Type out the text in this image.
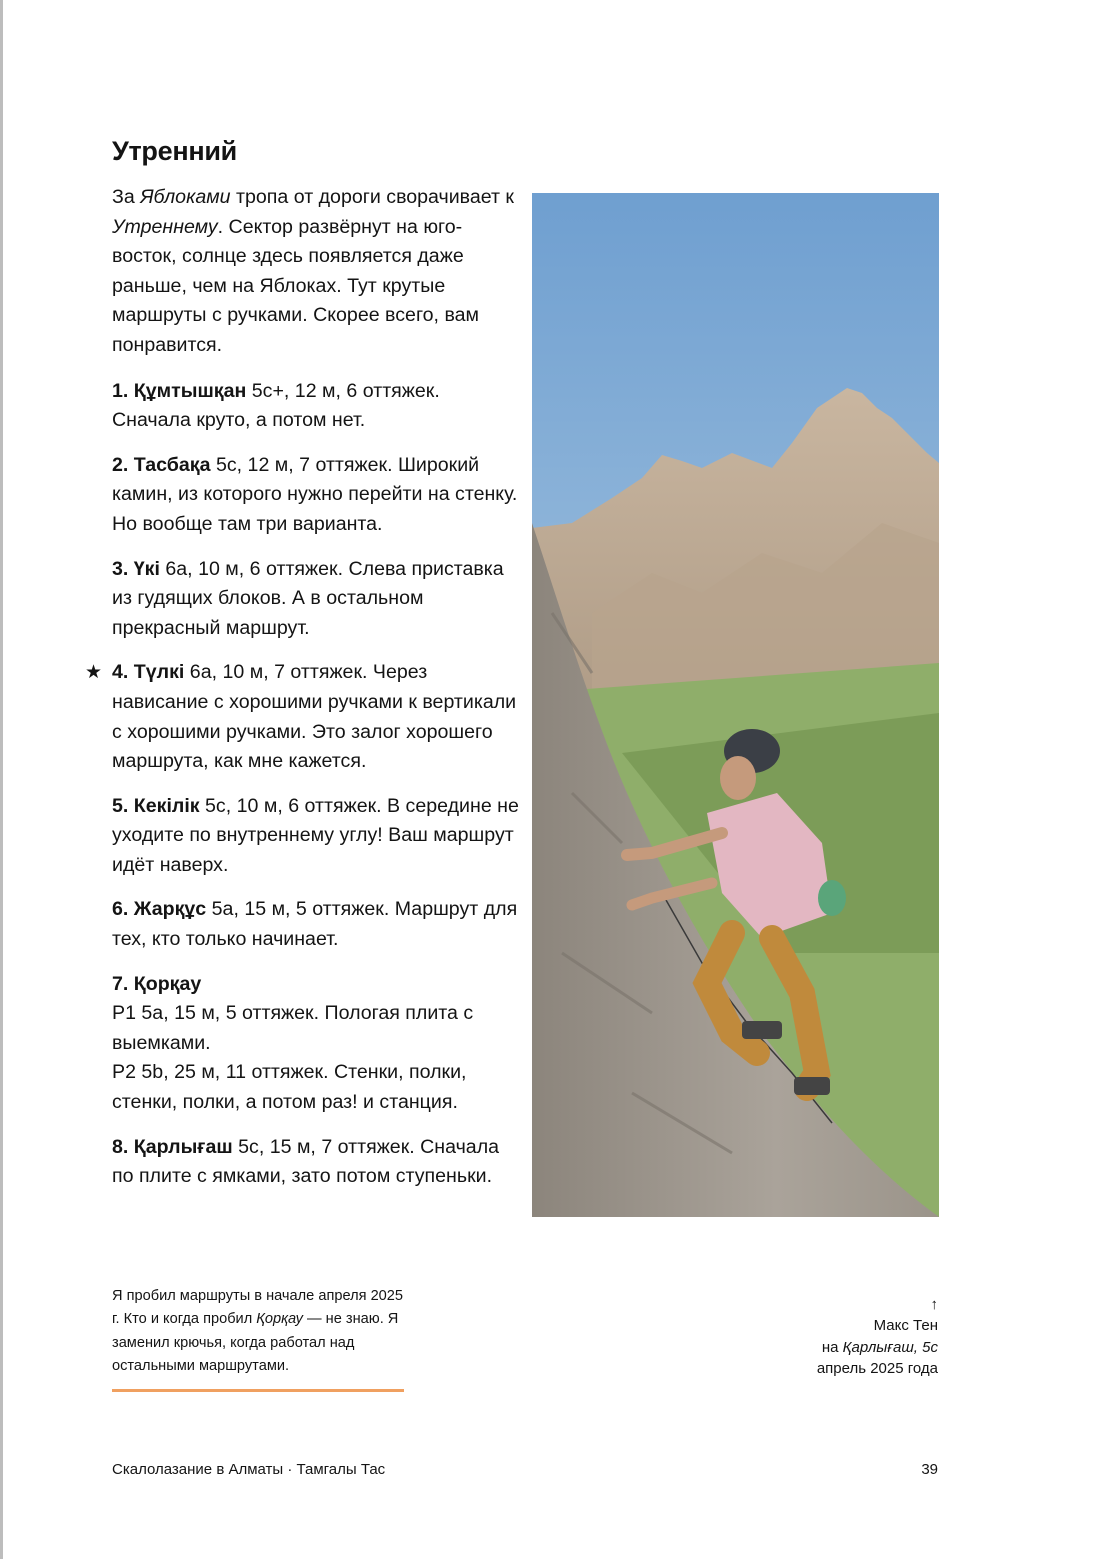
Утренний

За Яблоками тропа от дороги сворачивает к Утреннему. Сектор развёрнут на юго-восток, солнце здесь появляется даже раньше, чем на Яблоках. Тут крутые маршруты с ручками. Скорее всего, вам понравится.

1. Құмтышқан 5c+, 12 м, 6 оттяжек. Сначала круто, а потом нет.

2. Тасбақа 5c, 12 м, 7 оттяжек. Широкий камин, из которого нужно перейти на стенку. Но вообще там три варианта.

3. Үкі 6a, 10 м, 6 оттяжек. Слева приставка из гудящих блоков. А в остальном прекрасный маршрут.

★ 4. Түлкі 6a, 10 м, 7 оттяжек. Через нависание с хорошими ручками к вертикали с хорошими ручками. Это залог хорошего маршрута, как мне кажется.

5. Кекілік 5c, 10 м, 6 оттяжек. В середине не уходите по внутреннему углу! Ваш маршрут идёт наверх.

6. Жарқұс 5a, 15 м, 5 оттяжек. Маршрут для тех, кто только начинает.

7. Қорқау
P1 5a, 15 м, 5 оттяжек. Пологая плита с выемками.
P2 5b, 25 м, 11 оттяжек. Стенки, полки, стенки, полки, а потом раз! и станция.

8. Қарлығаш 5c, 15 м, 7 оттяжек. Сначала по плите с ямками, зато потом ступеньки.

Я пробил маршруты в начале апреля 2025 г. Кто и когда пробил Қорқау — не знаю. Я заменил крючья, когда работал над остальными маршрутами.

↑
Макс Тен
на Қарлығаш, 5c
апрель 2025 года
Скалолазание в Алматы · Тамгалы Тас	39
